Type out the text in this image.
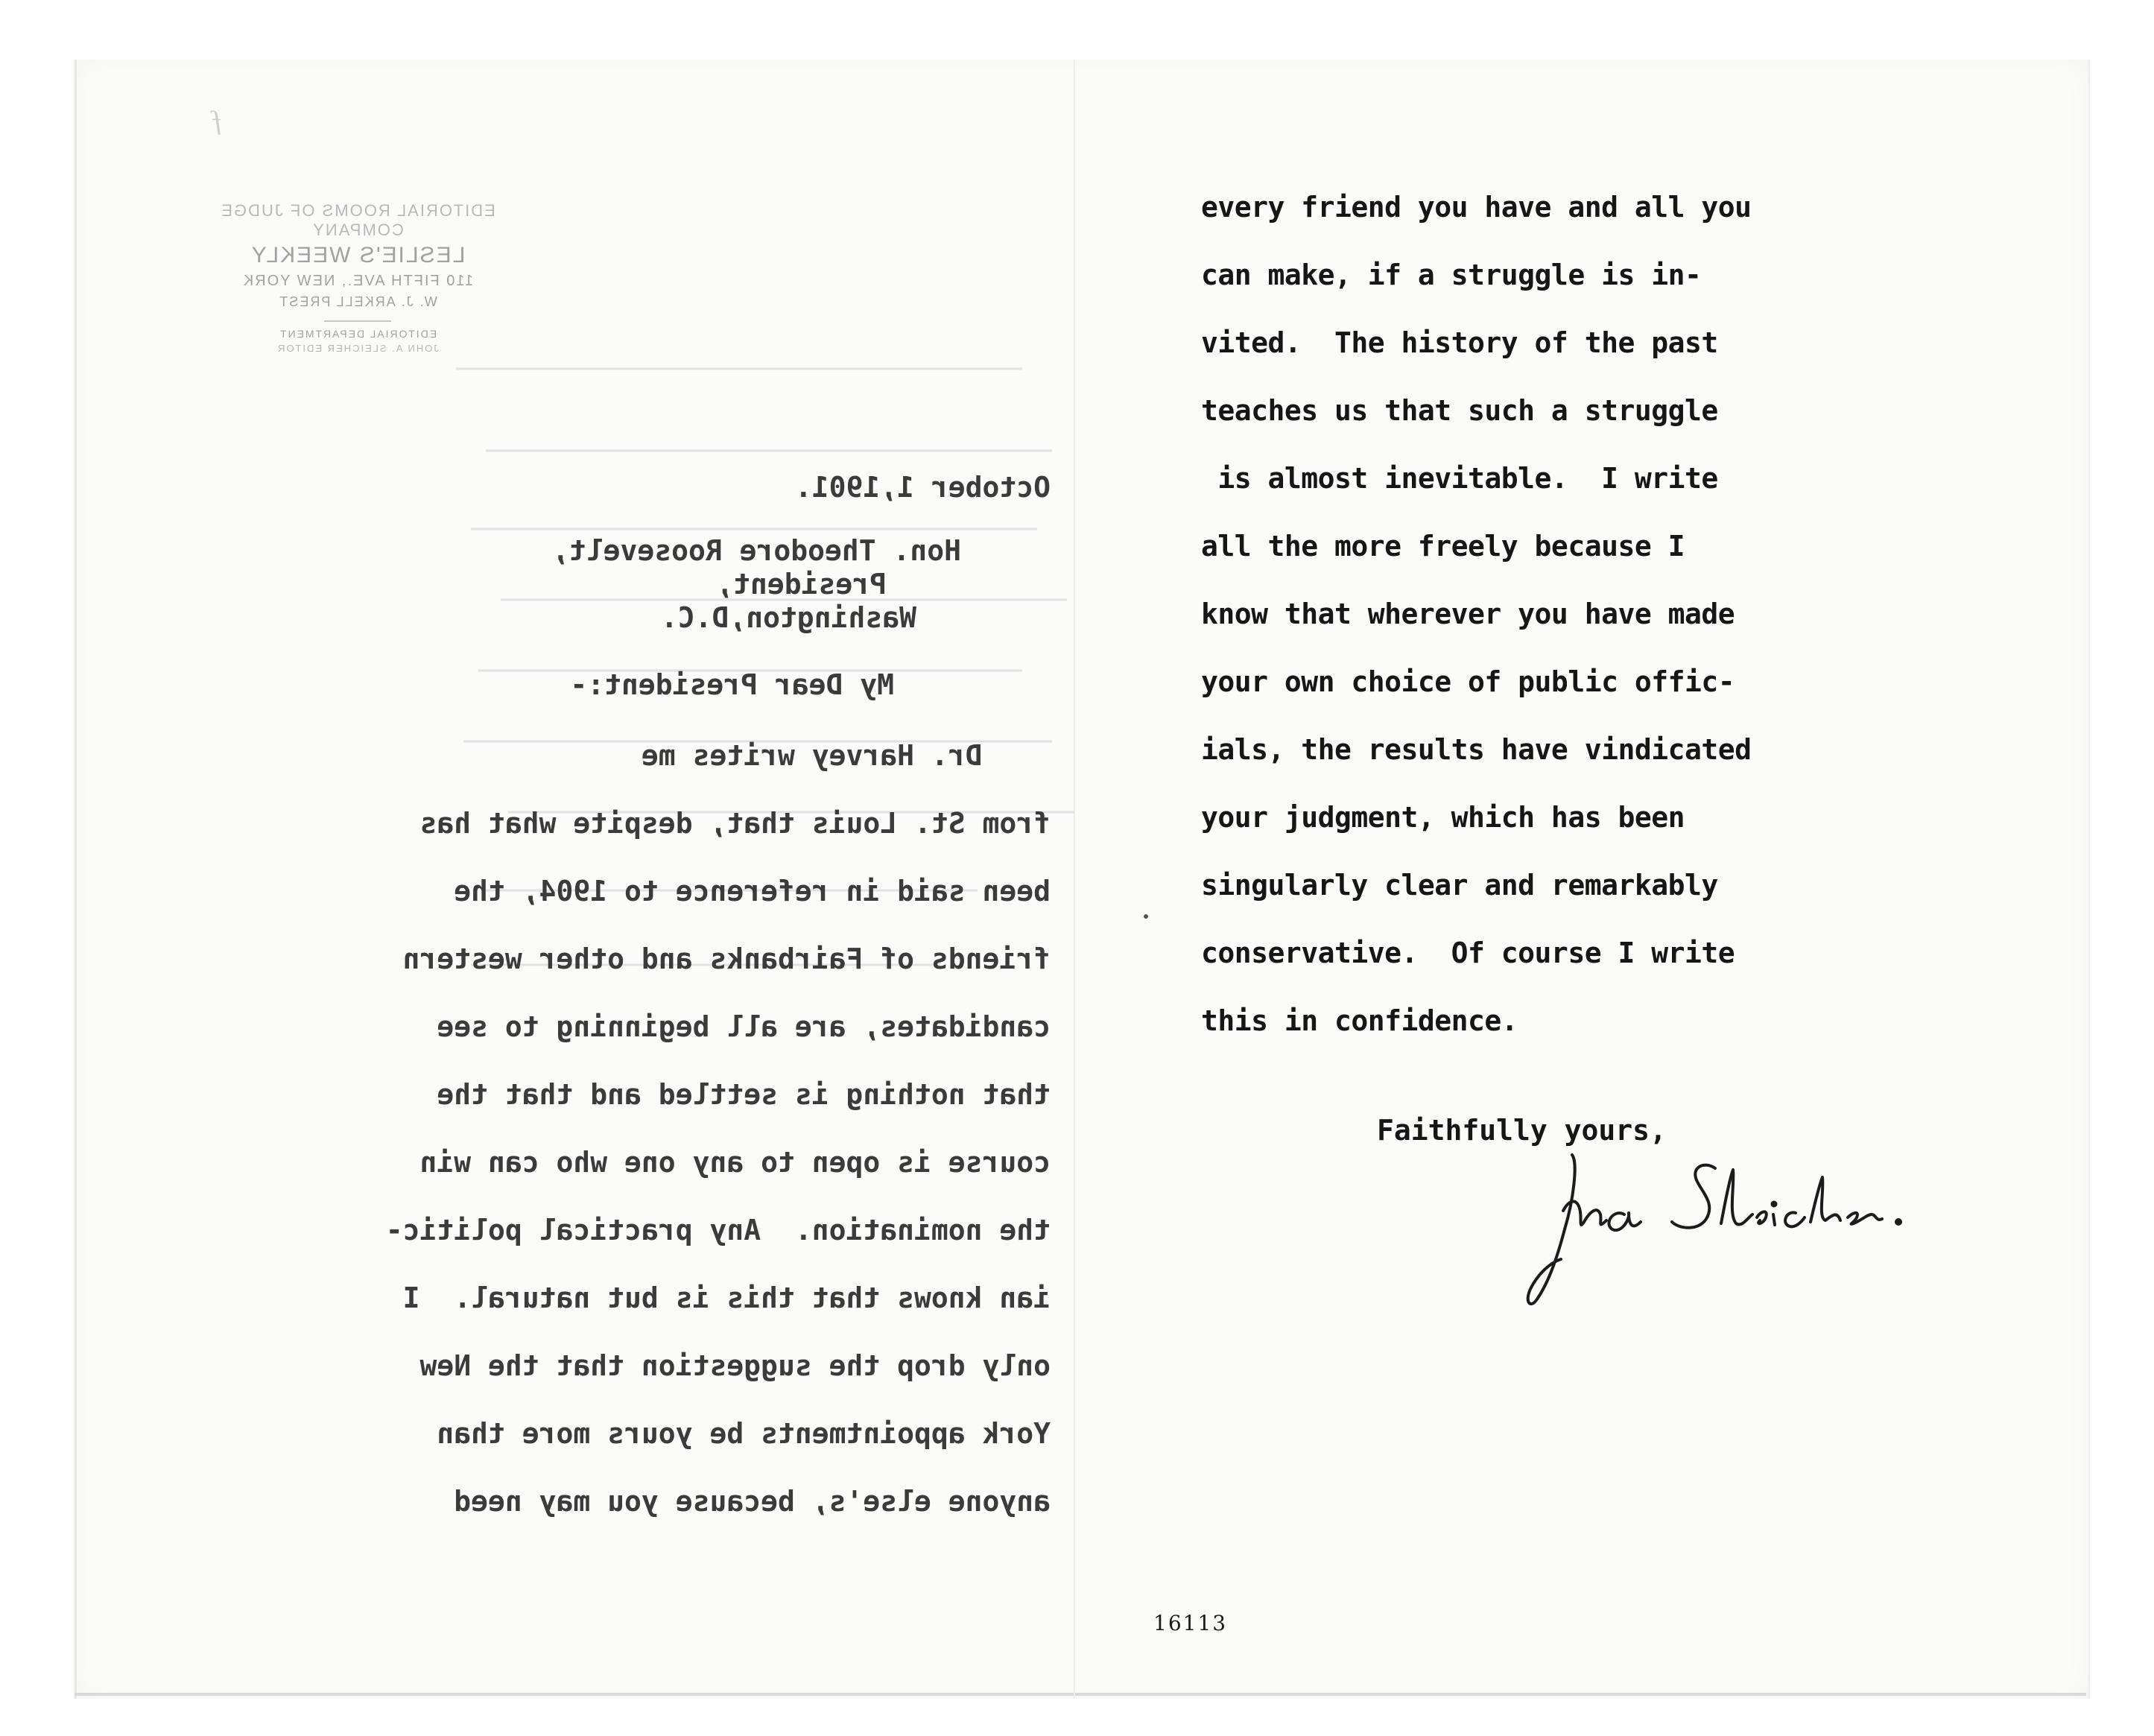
ƒ

EDITORIAL ROOMS OF JUDGE COMPANY
LESLIE'S WEEKLY
110 FIFTH AVE., NEW YORK
W. J. ARKELL PREST
EDITORIAL DEPARTMENT
JOHN A. SLEICHER EDITOR
October 1,1901.
Hon. Theodore Roosevelt,
President,
Washington,D.C.
My Dear President:-
Dr. Harvey writes me
from St. Louis that, despite what has
been said in reference to 1904, the
friends of Fairbanks and other western
candidates, are all beginning to see
that nothing is settled and that the
course is open to any one who can win
the nomination.  Any practical politic-
ian knows that this is but natural.  I
only drop the suggestion that the New
York appointments be yours more than
anyone else's, because you may need
every friend you have and all you
can make, if a struggle is in-
vited.  The history of the past
teaches us that such a struggle
is almost inevitable.  I write
all the more freely because I
know that wherever you have made
your own choice of public offic-
ials, the results have vindicated
your judgment, which has been
singularly clear and remarkably
conservative.  Of course I write
this in confidence.
Faithfully yours,
16113
